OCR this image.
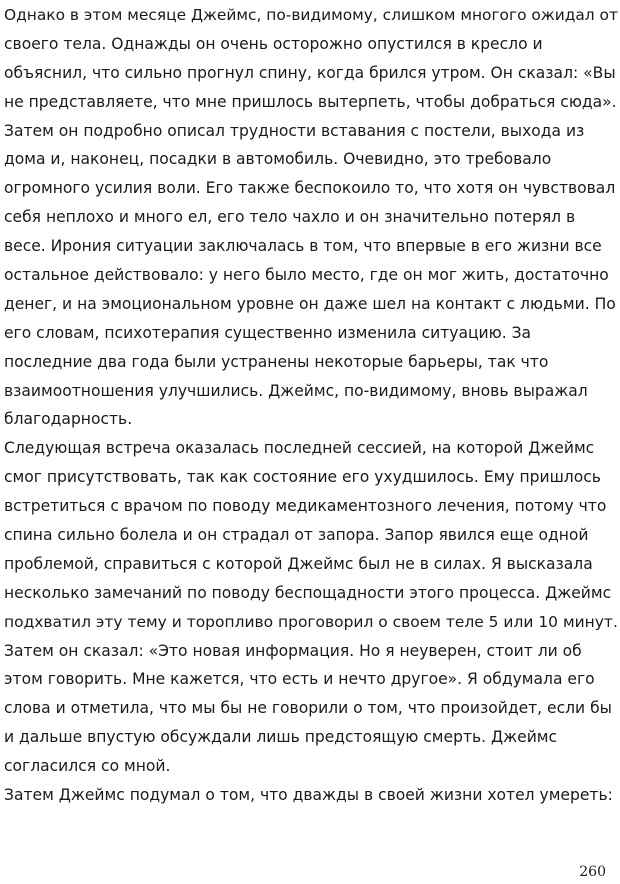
Однако в этом месяце Джеймс, по-видимому, слишком многого ожидал от
своего тела. Однажды он очень осторожно опустился в кресло и
объяснил, что сильно прогнул спину, когда брился утром. Он сказал: «Вы
не представляете, что мне пришлось вытерпеть, чтобы добраться сюда».
Затем он подробно описал трудности вставания с постели, выхода из
дома и, наконец, посадки в автомобиль. Очевидно, это требовало
огромного усилия воли. Его также беспокоило то, что хотя он чувствовал
себя неплохо и много ел, его тело чахло и он значительно потерял в
весе. Ирония ситуации заключалась в том, что впервые в его жизни все
остальное действовало: у него было место, где он мог жить, достаточно
денег, и на эмоциональном уровне он даже шел на контакт с людьми. По
его словам, психотерапия существенно изменила ситуацию. За
последние два года были устранены некоторые барьеры, так что
взаимоотношения улучшились. Джеймс, по-видимому, вновь выражал
благодарность.
Следующая встреча оказалась последней сессией, на которой Джеймс
смог присутствовать, так как состояние его ухудшилось. Ему пришлось
встретиться с врачом по поводу медикаментозного лечения, потому что
спина сильно болела и он страдал от запора. Запор явился еще одной
проблемой, справиться с которой Джеймс был не в силах. Я высказала
несколько замечаний по поводу беспощадности этого процесса. Джеймс
подхватил эту тему и торопливо проговорил о своем теле 5 или 10 минут.
Затем он сказал: «Это новая информация. Но я неуверен, стоит ли об
этом говорить. Мне кажется, что есть и нечто другое». Я обдумала его
слова и отметила, что мы бы не говорили о том, что произойдет, если бы
и дальше впустую обсуждали лишь предстоящую смерть. Джеймс
согласился со мной.
Затем Джеймс подумал о том, что дважды в своей жизни хотел умереть:
260
